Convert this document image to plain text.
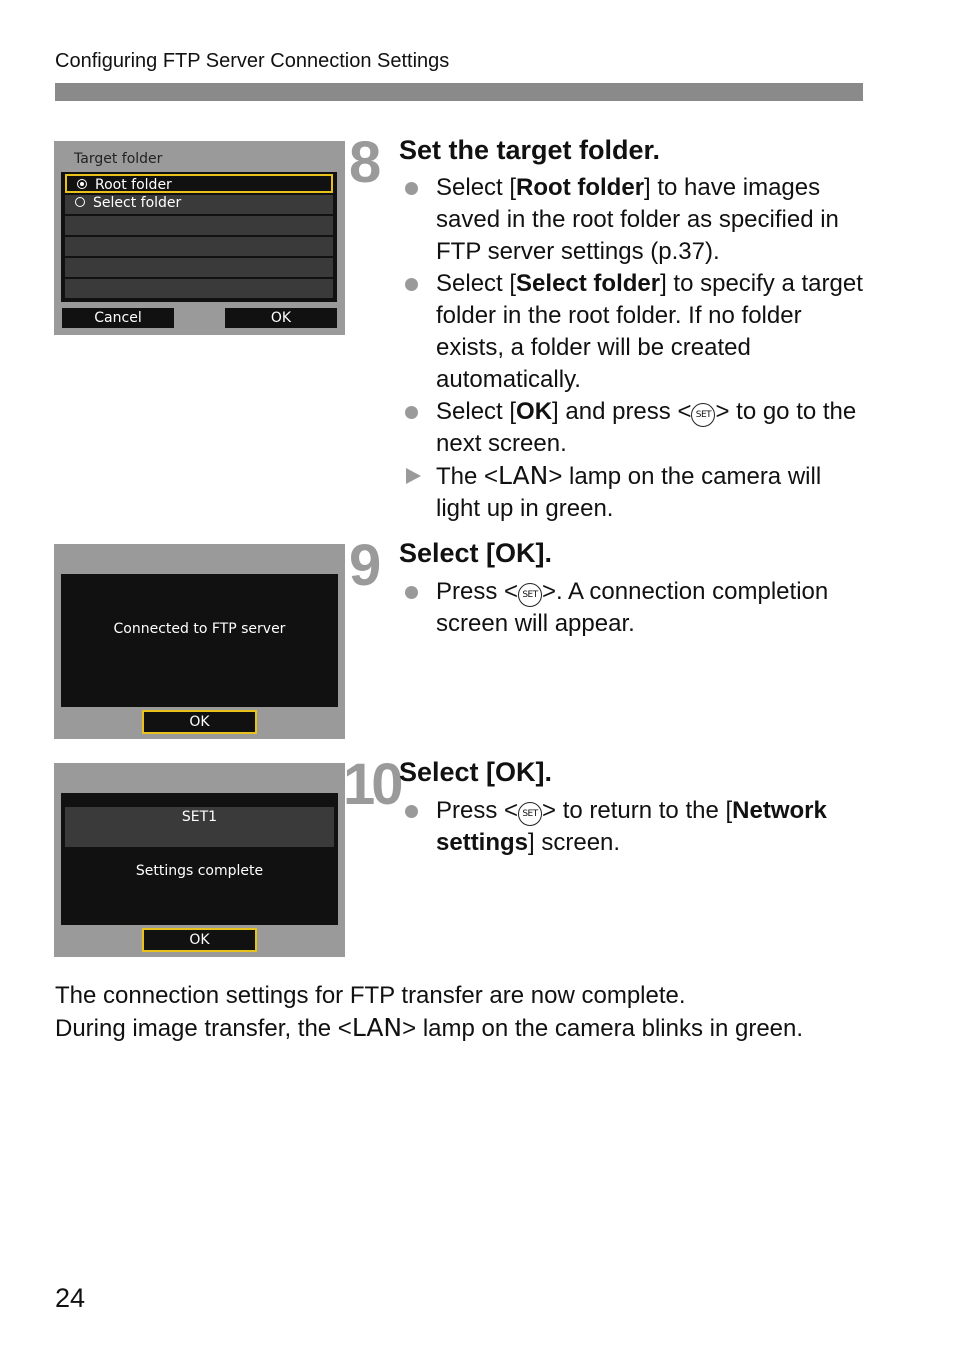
Configuring FTP Server Connection Settings
Target folder
Root folder
Select folder
Cancel	OK
8 Set the target folder.
Select [Root folder] to have images saved in the root folder as specified in FTP server settings (p.37).
Select [Select folder] to specify a target folder in the root folder. If no folder exists, a folder will be created automatically.
Select [OK] and press < SET > to go to the next screen.
The <LAN> lamp on the camera will light up in green.
Connected to FTP server
OK
9 Select [OK].
Press < SET >. A connection completion screen will appear.
SET1
Settings complete
OK
10 Select [OK].
Press < SET > to return to the [Network settings] screen.
The connection settings for FTP transfer are now complete.
During image transfer, the <LAN> lamp on the camera blinks in green.
24
